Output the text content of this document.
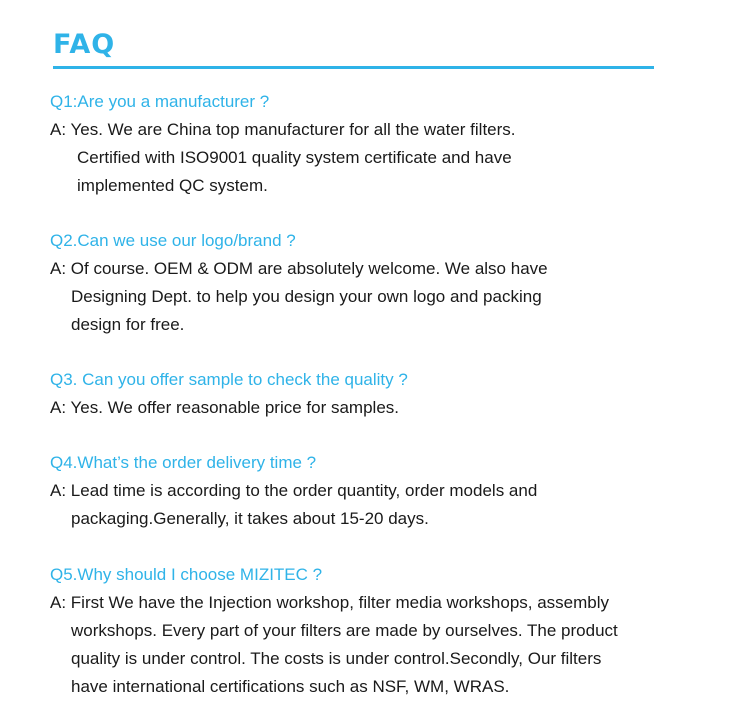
FAQ
Q1:Are you a manufacturer ?
A: Yes. We are China top manufacturer for all the water filters.
Certified with ISO9001 quality system certificate and have
implemented QC system.
Q2.Can we use our logo/brand ?
A: Of course. OEM & ODM are absolutely welcome. We also have
Designing Dept. to help you design your own logo and packing
design for free.
Q3. Can you offer sample to check the quality ?
A: Yes. We offer reasonable price for samples.
Q4.What’s the order delivery time ?
A: Lead time is according to the order quantity, order models and
packaging.Generally, it takes about 15-20 days.
Q5.Why should I choose MIZITEC ?
A: First We have the Injection workshop, filter media workshops, assembly
workshops. Every part of your filters are made by ourselves. The product
quality is under control. The costs is under control.Secondly, Our filters
have international certifications such as NSF, WM, WRAS.
